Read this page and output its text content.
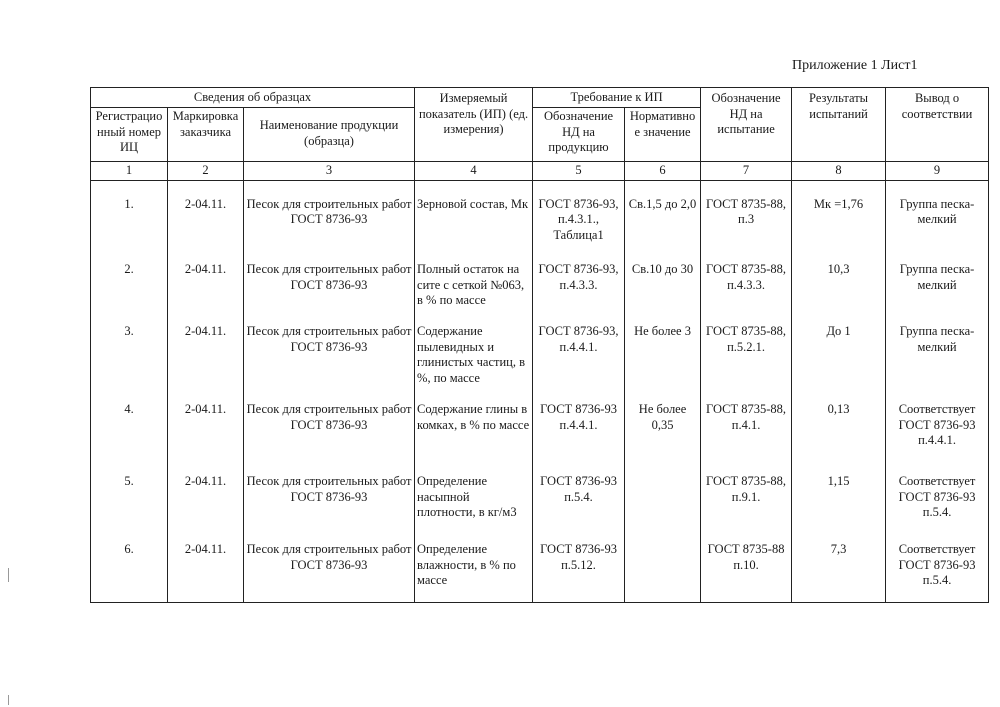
Приложение 1 Лист1
Сведения об образцах			Измеряемый показатель (ИП) (ед. измерения)	Требование к ИП		Обозначение НД на испытание	Результаты испытаний	Вывод о соответствии
Регистрацио нный номер ИЦ	Маркировка заказчика	Наименование продукции (образца)		Обозначение НД на продукцию	Нормативно е значение			
1	2	3	4	5	6	7	8	9
1.	2-04.11.	Песок для строительных работ ГОСТ 8736-93	Зерновой состав, Мк	ГОСТ 8736-93, п.4.3.1., Таблица1	Св.1,5 до 2,0	ГОСТ 8735-88, п.3	Мк =1,76	Группа песка- мелкий
2.	2-04.11.	Песок для строительных работ ГОСТ 8736-93	Полный остаток на сите с сеткой №063, в % по массе	ГОСТ 8736-93, п.4.3.3.	Св.10 до 30	ГОСТ 8735-88, п.4.3.3.	10,3	Группа песка- мелкий
3.	2-04.11.	Песок для строительных работ ГОСТ 8736-93	Содержание пылевидных и глинистых частиц, в %, по массе	ГОСТ 8736-93, п.4.4.1.	Не более 3	ГОСТ 8735-88, п.5.2.1.	До 1	Группа песка- мелкий
4.	2-04.11.	Песок для строительных работ ГОСТ 8736-93	Содержание глины в комках, в % по массе	ГОСТ 8736-93 п.4.4.1.	Не более 0,35	ГОСТ 8735-88, п.4.1.	0,13	Соответствует ГОСТ 8736-93 п.4.4.1.
5.	2-04.11.	Песок для строительных работ ГОСТ 8736-93	Определение насыпной плотности, в кг/м3	ГОСТ 8736-93 п.5.4.		ГОСТ 8735-88, п.9.1.	1,15	Соответствует ГОСТ 8736-93 п.5.4.
6.	2-04.11.	Песок для строительных работ ГОСТ 8736-93	Определение влажности, в % по массе	ГОСТ 8736-93 п.5.12.		ГОСТ 8735-88 п.10.	7,3	Соответствует ГОСТ 8736-93 п.5.4.
